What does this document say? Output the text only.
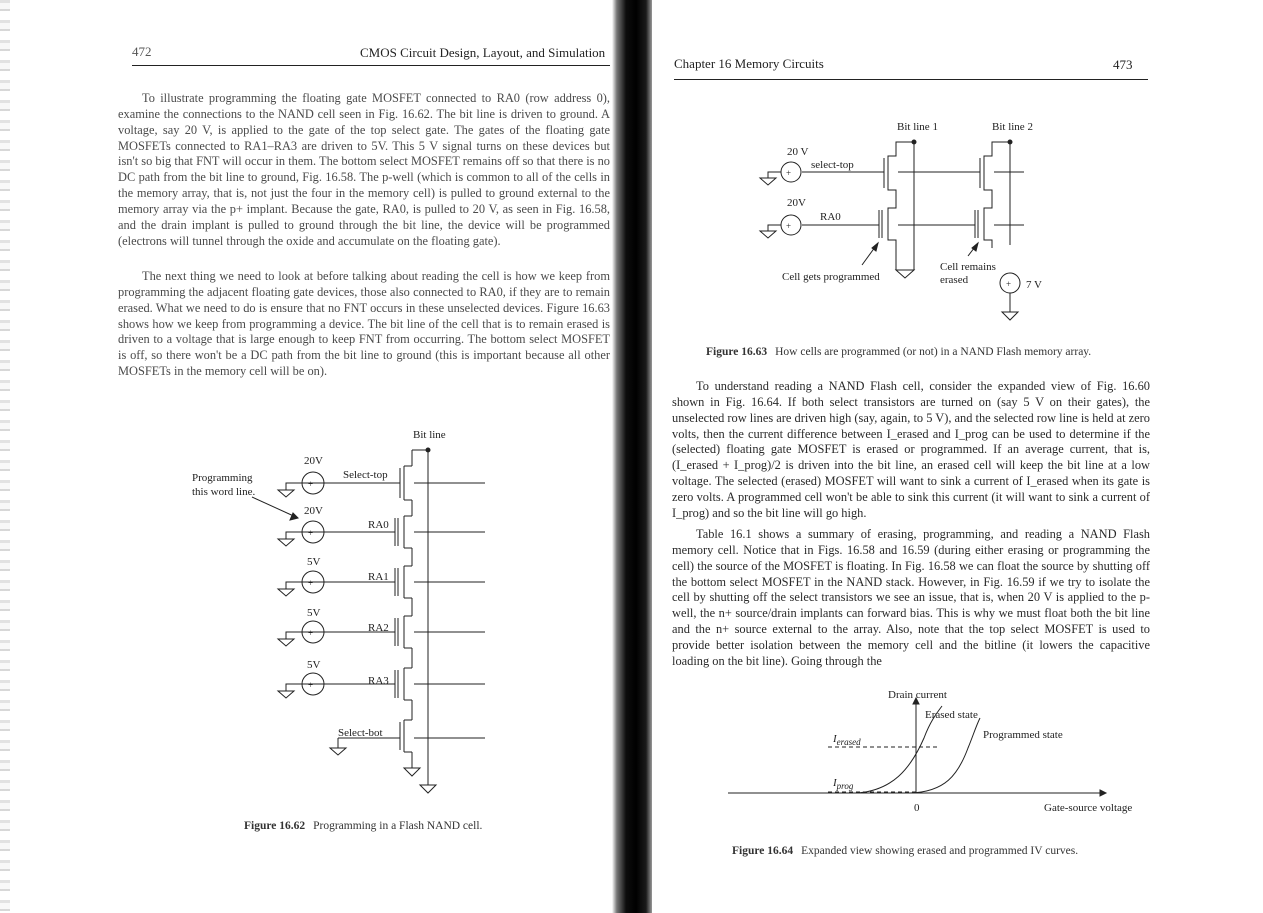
472	CMOS Circuit Design, Layout, and Simulation

To illustrate programming the floating gate MOSFET connected to RA0 (row address 0), examine the connections to the NAND cell seen in Fig. 16.62. The bit line is driven to ground. A voltage, say 20 V, is applied to the gate of the top select gate. The gates of the floating gate MOSFETs connected to RA1–RA3 are driven to 5V. This 5 V signal turns on these devices but isn't so big that FNT will occur in them. The bottom select MOSFET remains off so that there is no DC path from the bit line to ground, Fig. 16.58. The p-well (which is common to all of the cells in the memory array, that is, not just the four in the memory cell) is pulled to ground external to the memory array via the p+ implant. Because the gate, RA0, is pulled to 20 V, as seen in Fig. 16.58, and the drain implant is pulled to ground through the bit line, the device will be programmed (electrons will tunnel through the oxide and accumulate on the floating gate).

The next thing we need to look at before talking about reading the cell is how we keep from programming the adjacent floating gate devices, those also connected to RA0, if they are to remain erased. What we need to do is ensure that no FNT occurs in these unselected devices. Figure 16.63 shows how we keep from programming a device. The bit line of the cell that is to remain erased is driven to a voltage that is large enough to keep FNT from occurring. The bottom select MOSFET is off, so there won't be a DC path from the bit line to ground (this is important because all other MOSFETs in the memory cell will be on).

+
+
+
+
+
Bit line
20V
Select-top
20V
RA0
5V
RA1
5V
RA2
5V
RA3
Select-bot
Programming
this word line.
Figure 16.62 Programming in a Flash NAND cell.
Chapter 16 Memory Circuits	473
+
+
+
Bit line 1	Bit line 2
20 V
select-top
20V
RA0
Cell gets programmed
Cell remains
erased	7 V
Figure 16.63 How cells are programmed (or not) in a NAND Flash memory array.

To understand reading a NAND Flash cell, consider the expanded view of Fig. 16.60 shown in Fig. 16.64. If both select transistors are turned on (say 5 V on their gates), the unselected row lines are driven high (say, again, to 5 V), and the selected row line is held at zero volts, then the current difference between I_erased and I_prog can be used to determine if the (selected) floating gate MOSFET is erased or programmed. If an average current, that is, (I_erased + I_prog)/2 is driven into the bit line, an erased cell will keep the bit line at a low voltage. The selected (erased) MOSFET will want to sink a current of I_erased when its gate is zero volts. A programmed cell won't be able to sink this current (it will want to sink a current of I_prog) and so the bit line will go high.

Table 16.1 shows a summary of erasing, programming, and reading a NAND Flash memory cell. Notice that in Figs. 16.58 and 16.59 (during either erasing or programming the cell) the source of the MOSFET is floating. In Fig. 16.58 we can float the source by shutting off the bottom select MOSFET in the NAND stack. However, in Fig. 16.59 if we try to isolate the cell by shutting off the select transistors we see an issue, that is, when 20 V is applied to the p-well, the n+ source/drain implants can forward bias. This is why we must float both the bit line and the n+ source external to the array. Also, note that the top select MOSFET is used to provide better isolation between the memory cell and the bitline (it lowers the capacitive loading on the bit line). Going through the

Drain current
Erased state
Programmed state
0	Gate-source voltage
$I_{erased}$
$I_{prog}$
Figure 16.64 Expanded view showing erased and programmed IV curves.
